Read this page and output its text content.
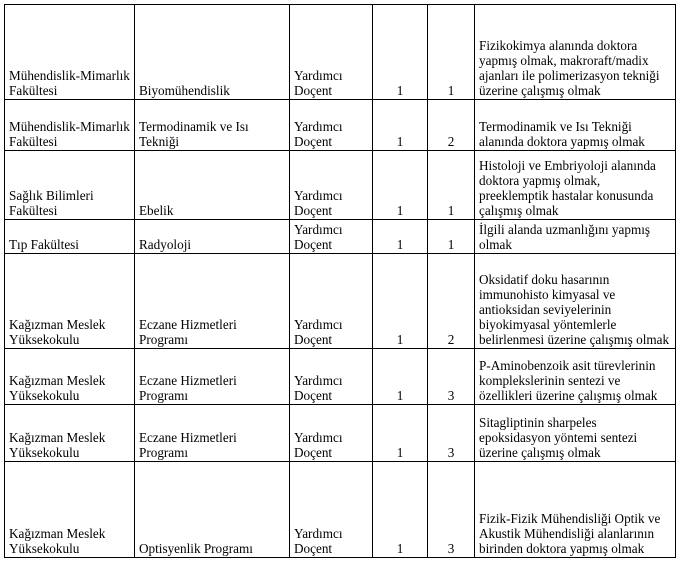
Mühendislik-Mimarlık Fakültesi	Biyomühendislik	Yardımcı Doçent	1	1	Fizikokimya alanında doktora yapmış olmak, makroraft/madix ajanları ile polimerizasyon tekniği üzerine çalışmış olmak
Mühendislik-Mimarlık Fakültesi	Termodinamik ve Isı Tekniği	Yardımcı Doçent	1	2	Termodinamik ve Isı Tekniği alanında doktora yapmış olmak
Sağlık Bilimleri Fakültesi	Ebelik	Yardımcı Doçent	1	1	Histoloji ve Embriyoloji alanında doktora yapmış olmak, preeklemptik hastalar konusunda çalışmış olmak
Tıp Fakültesi	Radyoloji	Yardımcı Doçent	1	1	İlgili alanda uzmanlığını yapmış olmak
Kağızman Meslek Yüksekokulu	Eczane Hizmetleri Programı	Yardımcı Doçent	1	2	Oksidatif doku hasarının immunohisto kimyasal ve antioksidan seviyelerinin biyokimyasal yöntemlerle belirlenmesi üzerine çalışmış olmak
Kağızman Meslek Yüksekokulu	Eczane Hizmetleri Programı	Yardımcı Doçent	1	3	P-Aminobenzoik asit türevlerinin komplekslerinin sentezi ve özellikleri üzerine çalışmış olmak
Kağızman Meslek Yüksekokulu	Eczane Hizmetleri Programı	Yardımcı Doçent	1	3	Sitagliptinin sharpeles epoksidasyon yöntemi sentezi üzerine çalışmış olmak
Kağızman Meslek Yüksekokulu	Optisyenlik Programı	Yardımcı Doçent	1	3	Fizik-Fizik Mühendisliği Optik ve Akustik Mühendisliği alanlarının birinden doktora yapmış olmak
